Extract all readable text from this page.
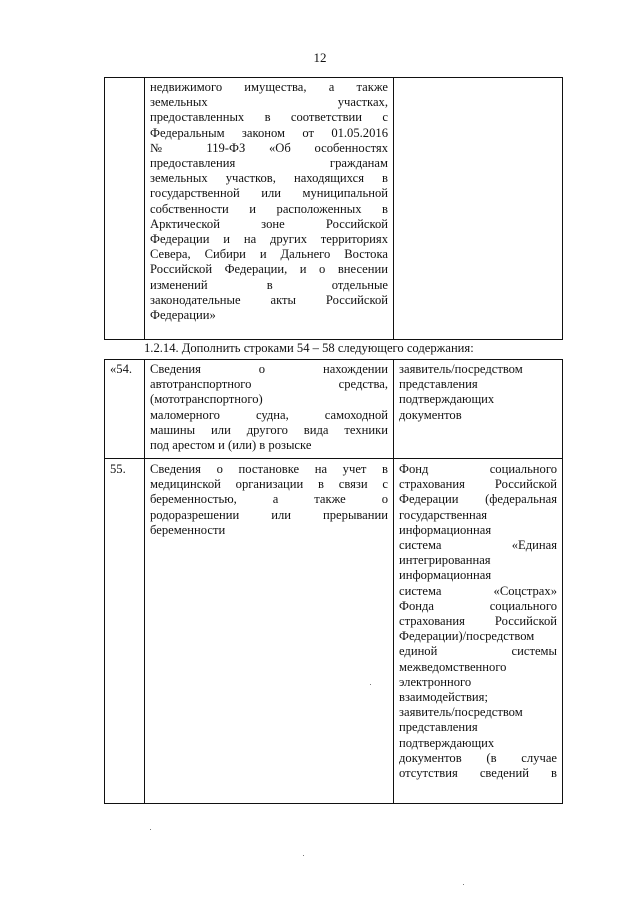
12
недвижимого имущества, а также
земельных участках,
предоставленных в соответствии с
Федеральным законом от 01.05.2016
№ 119-ФЗ «Об особенностях
предоставления гражданам
земельных участков, находящихся в
государственной или муниципальной
собственности и расположенных в
Арктической зоне Российской
Федерации и на других территориях
Севера, Сибири и Дальнего Востока
Российской Федерации, и о внесении
изменений в отдельные
законодательные акты Российской
Федерации»
1.2.14. Дополнить строками 54 – 58 следующего содержания:
«54.	Сведения о нахождении
автотранспортного средства,
(мототранспортного)
маломерного судна, самоходной
машины или другого вида техники
под арестом и (или) в розыске
заявитель/посредством
представления
подтверждающих
документов
55.	Сведения о постановке на учет в
медицинской организации в связи с
беременностью, а также о
родоразрешении или прерывании
беременности
Фонд социального
страхования Российской
Федерации (федеральная
государственная
информационная
система «Единая
интегрированная
информационная
система «Соцстрах»
Фонда социального
страхования Российской
Федерации)/посредством
единой системы
межведомственного
электронного
взаимодействия;
заявитель/посредством
представления
подтверждающих
документов (в случае
отсутствия сведений в
